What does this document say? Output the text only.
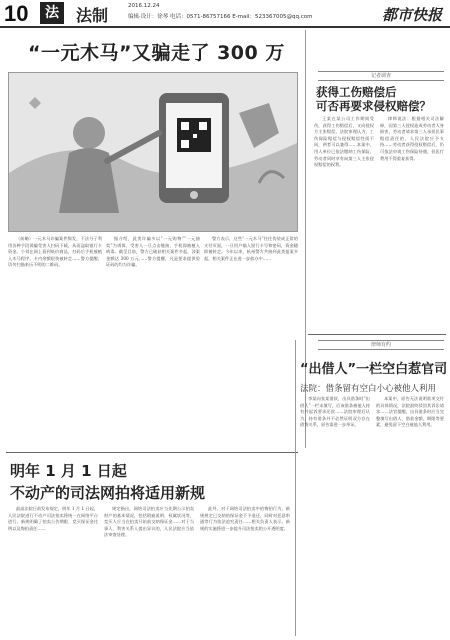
10	法	法制	2016.12.24
编辑·设计：徐琴 电话：0571-86757166 E-mail：523367005@qq.com	都市快报
“一元木马”又骗走了 300 万

（前略）一元木马诈骗案件频发，不法分子利用各种手段诱骗受害人扫码下载，从而盗取银行卡资金。小刘在网上看到低价商品，扫码后手机被植入木马程序，卡内余额很快被转走……警方提醒，切勿扫描来历不明的二维码。

据介绍，此类诈骗多以“一元购物”“一元抽奖”为诱饵，受害人一旦点击链接，手机即被植入病毒。截至目前，警方已破获相关案件多起，涉案金额达 300 万元……警方提醒，凡是要求提供验证码的均为诈骗。

警方表示，这些“一元木马”往往伪装成正常的支付页面，一旦用户输入银行卡号和密码，资金随即被转走。今年以来，杭州警方共接到此类报案多起，相关案件正在进一步侦办中……

记者调查
获得工伤赔偿后
可否再要求侵权赔偿？

王某在某公司工作期间受伤，获得工伤赔偿后，又向侵权方主张赔偿。法院审理认为，工伤保险赔偿与侵权赔偿性质不同，两者可以兼得……本案中，用人单位已依法缴纳工伤保险，劳动者同时享有向第三人主张侵权赔偿的权利。

律师说法：根据相关司法解释，因第三人侵权造成劳动者人身损害，劳动者请求第三人承担民事赔偿责任的，人民法院应予支持……劳动者获得侵权赔偿后，仍可依法申请工伤保险待遇，但医疗费用不得重复获得。

律师有约
“出借人”一栏空白惹官司
法院：借条留有空白小心被他人利用

李某向张某借款，出具借条时“出借人”一栏未填写，后该借条被他人持有并起诉要求还款……法院审理后认为，持有借条并不必然证明双方存在借贷关系，原告需进一步举证。

本案中，原告无法说明款项交付的具体情况，法院最终驳回其诉讼请求……法官提醒，出具借条时应当完整填写出借人、借款金额、期限等要素，避免留下空白被他人利用。

明年 1 月 1 日起
不动产的司法网拍将适用新规

最高法院日前发布规定，明年 1 月 1 日起，人民法院进行不动产司法拍卖将统一在网络平台进行。新规明确了拍卖公告期限、竞买保证金比例以及悔拍责任……

规定指出，网络司法拍卖应当先期公示拍卖财产的基本情况，包括瑕疵说明、权属状况等，竞买人应当在拍卖开始前交纳保证金……对于当事人、利害关系人提出异议的，人民法院应当依法审查处理。

此外，对于网络司法拍卖中的悔拍行为，新规规定已交纳的保证金不予退还，同时对恶意串通等行为依法追究责任……相关负责人表示，新规的实施将进一步提升司法拍卖的公开透明度。
